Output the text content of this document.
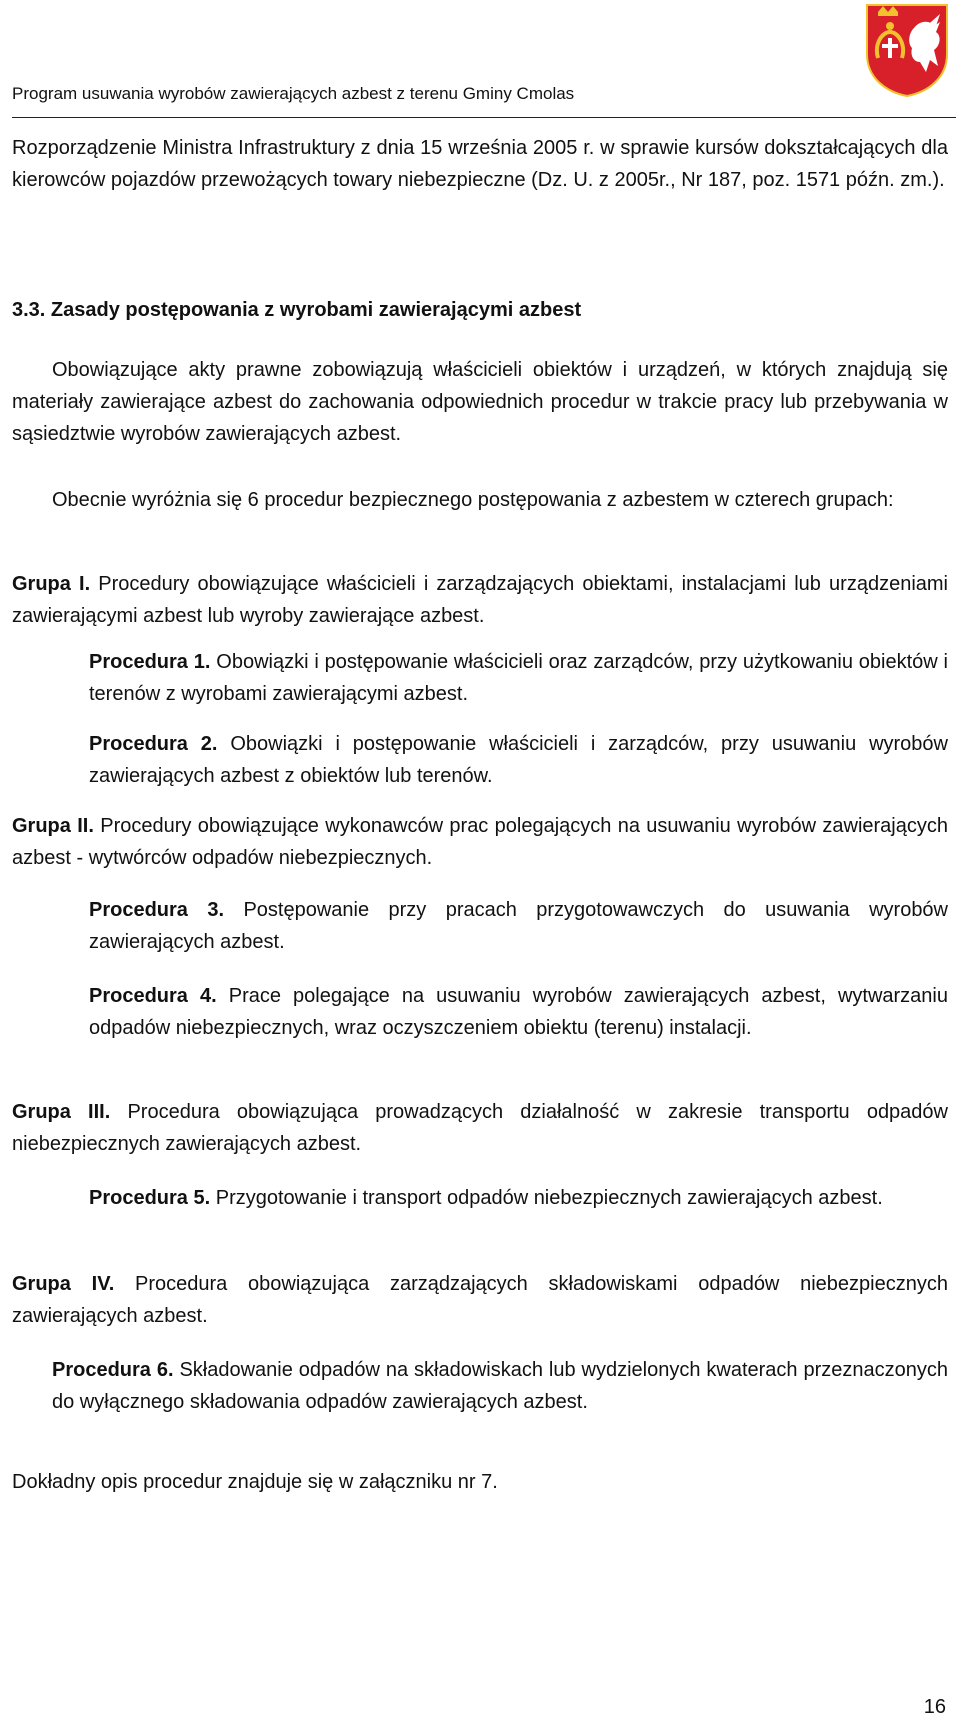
Program usuwania wyrobów zawierających azbest z terenu Gminy Cmolas

Rozporządzenie Ministra Infrastruktury z dnia 15 września 2005 r. w sprawie kursów dokształcających dla kierowców pojazdów przewożących towary niebezpieczne (Dz. U. z 2005r., Nr 187, poz. 1571 późn. zm.).

3.3. Zasady postępowania z wyrobami zawierającymi azbest

Obowiązujące akty prawne zobowiązują właścicieli obiektów i urządzeń, w których znajdują się materiały zawierające azbest do zachowania odpowiednich procedur w trakcie pracy lub przebywania w sąsiedztwie wyrobów zawierających azbest.

Obecnie wyróżnia się 6 procedur bezpiecznego postępowania z azbestem w czterech grupach:

Grupa I. Procedury obowiązujące właścicieli i zarządzających obiektami, instalacjami lub urządzeniami zawierającymi azbest lub wyroby zawierające azbest.

Procedura 1. Obowiązki i postępowanie właścicieli oraz zarządców, przy użytkowaniu obiektów i terenów z wyrobami zawierającymi azbest.

Procedura 2. Obowiązki i postępowanie właścicieli i zarządców, przy usuwaniu wyrobów zawierających azbest z obiektów lub terenów.

Grupa II. Procedury obowiązujące wykonawców prac polegających na usuwaniu wyrobów zawierających azbest - wytwórców odpadów niebezpiecznych.

Procedura 3. Postępowanie przy pracach przygotowawczych do usuwania wyrobów zawierających azbest.

Procedura 4. Prace polegające na usuwaniu wyrobów zawierających azbest, wytwarzaniu odpadów niebezpiecznych, wraz oczyszczeniem obiektu (terenu) instalacji.

Grupa III. Procedura obowiązująca prowadzących działalność w zakresie transportu odpadów niebezpiecznych zawierających azbest.

Procedura 5. Przygotowanie i transport odpadów niebezpiecznych zawierających azbest.

Grupa IV. Procedura obowiązująca zarządzających składowiskami odpadów niebezpiecznych zawierających azbest.

Procedura 6. Składowanie odpadów na składowiskach lub wydzielonych kwaterach przeznaczonych do wyłącznego składowania odpadów zawierających azbest.

Dokładny opis procedur znajduje się w załączniku nr 7.

16
